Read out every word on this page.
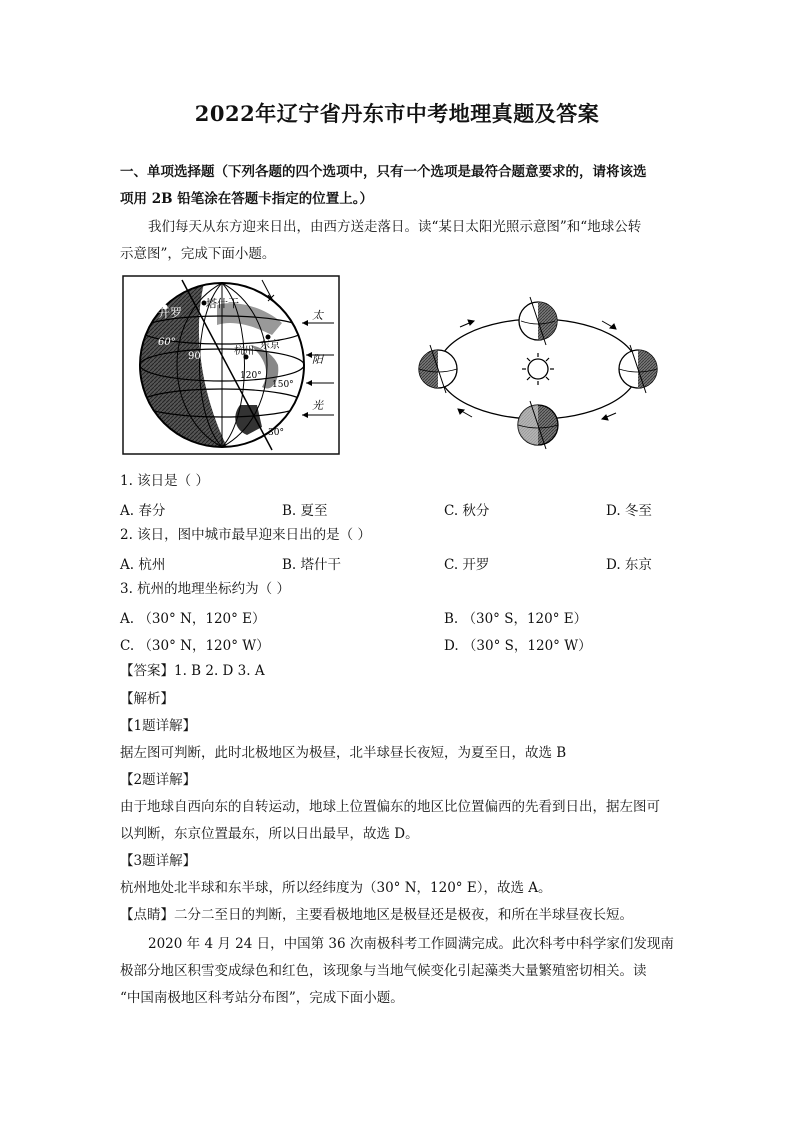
2022年辽宁省丹东市中考地理真题及答案
一、单项选择题（下列各题的四个选项中，只有一个选项是最符合题意要求的，请将该选
项用 2B 铅笔涂在答题卡指定的位置上。）
我们每天从东方迎来日出，由西方送走落日。读“某日太阳光照示意图”和“地球公转
示意图”，完成下面小题。
开罗
塔什干
东京
杭州
60°
90°
120°
150°
30°
太
阳
光
1. 该日是（ ）
A. 春分	B. 夏至	C. 秋分	D. 冬至
2. 该日，图中城市最早迎来日出的是（ ）
A. 杭州	B. 塔什干	C. 开罗	D. 东京
3. 杭州的地理坐标约为（ ）
A. （30° N，120° E）	B. （30° S，120° E）
C. （30° N，120° W）	D. （30° S，120° W）
【答案】1. B 2. D 3. A
【解析】
【1题详解】
据左图可判断，此时北极地区为极昼，北半球昼长夜短，为夏至日，故选 B
【2题详解】
由于地球自西向东的自转运动，地球上位置偏东的地区比位置偏西的先看到日出，据左图可
以判断，东京位置最东，所以日出最早，故选 D。
【3题详解】
杭州地处北半球和东半球，所以经纬度为（30° N，120° E），故选 A。
【点睛】二分二至日的判断，主要看极地地区是极昼还是极夜，和所在半球昼夜长短。
2020 年 4 月 24 日，中国第 36 次南极科考工作圆满完成。此次科考中科学家们发现南
极部分地区积雪变成绿色和红色，该现象与当地气候变化引起藻类大量繁殖密切相关。读
“中国南极地区科考站分布图”，完成下面小题。
